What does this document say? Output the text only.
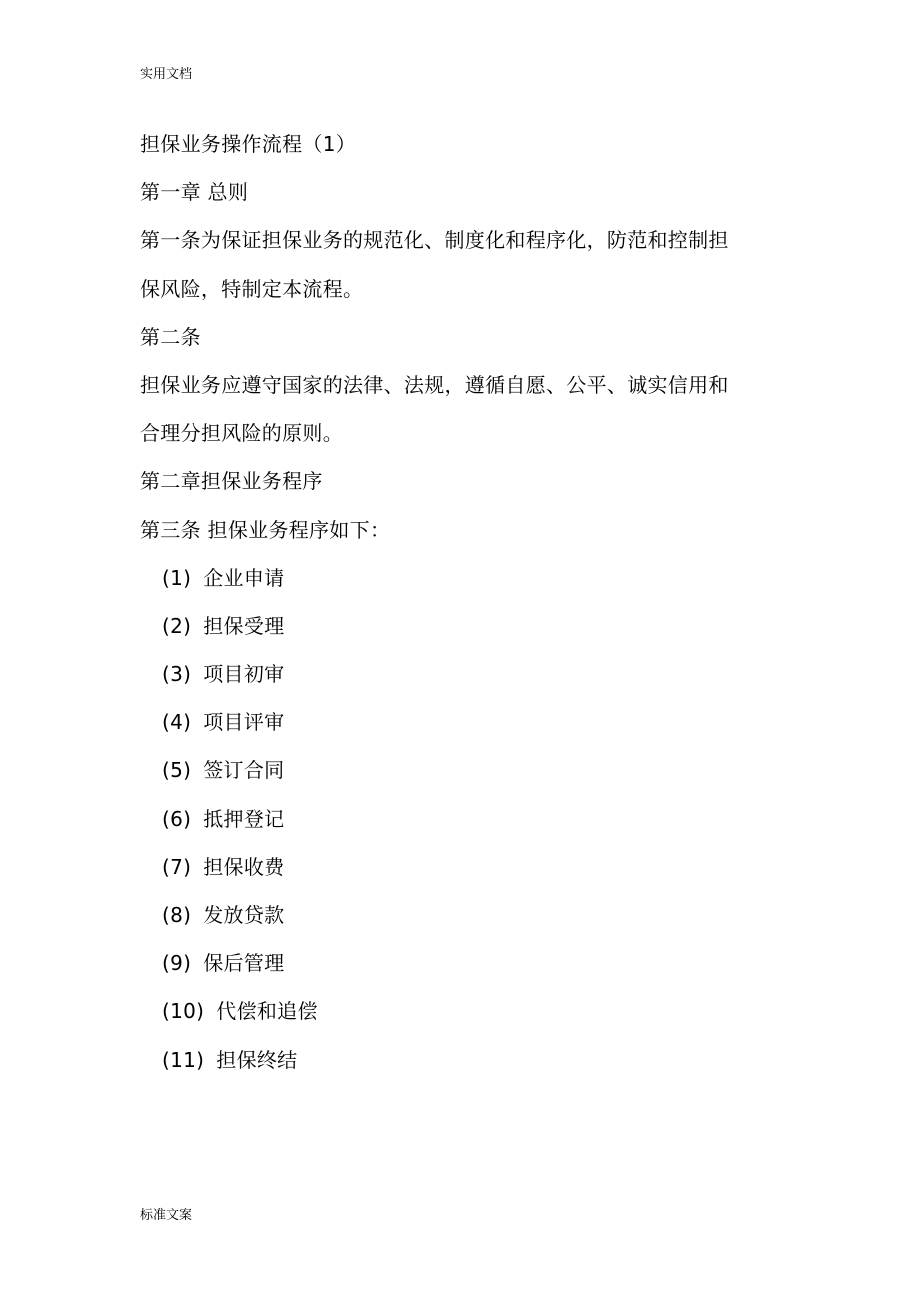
实用文档
担保业务操作流程（1）
第一章 总则
第一条为保证担保业务的规范化、制度化和程序化，防范和控制担
保风险，特制定本流程。
第二条
担保业务应遵守国家的法律、法规，遵循自愿、公平、诚实信用和
合理分担风险的原则。
第二章担保业务程序
第三条 担保业务程序如下：
(1) 企业申请
(2) 担保受理
(3) 项目初审
(4) 项目评审
(5) 签订合同
(6) 抵押登记
(7) 担保收费
(8) 发放贷款
(9) 保后管理
(10) 代偿和追偿
(11) 担保终结
标准文案
